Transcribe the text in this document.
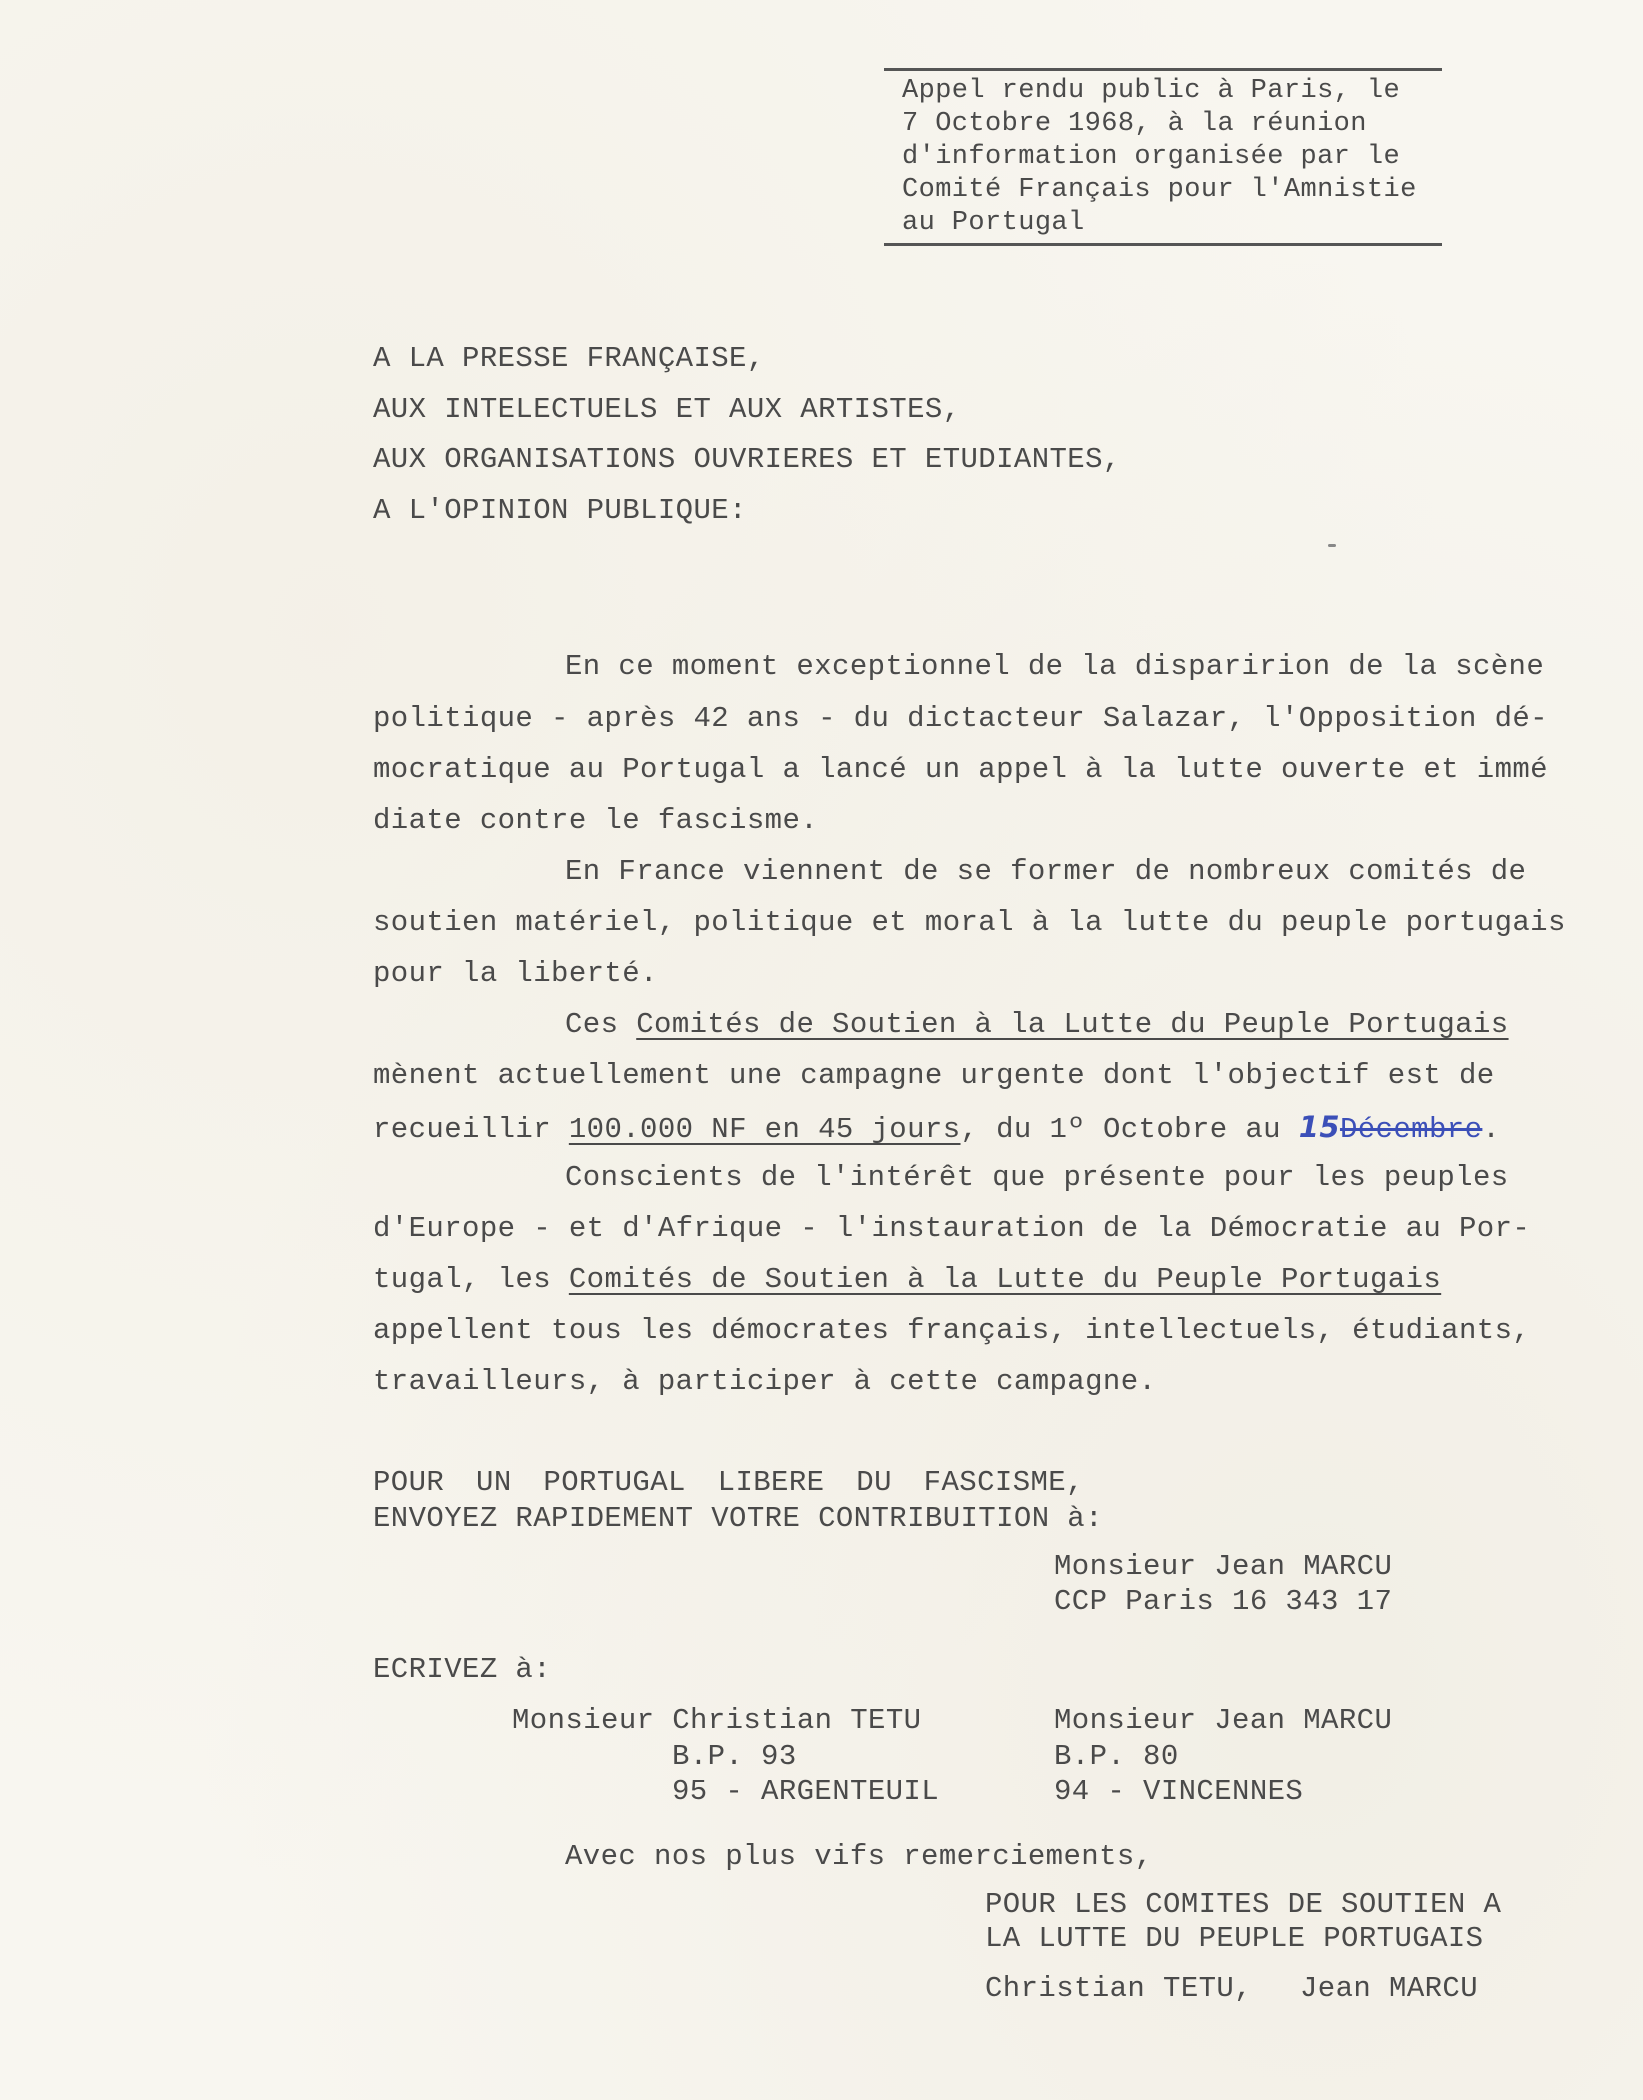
Appel rendu public à Paris, le
7 Octobre 1968, à la réunion
d'information organisée par le
Comité Français pour l'Amnistie
au Portugal
A LA PRESSE FRANÇAISE,
AUX INTELECTUELS ET AUX ARTISTES,
AUX ORGANISATIONS OUVRIERES ET ETUDIANTES,
A L'OPINION PUBLIQUE:
En ce moment exceptionnel de la disparirion de la scène
politique - après 42 ans - du dictacteur Salazar, l'Opposition dé-
mocratique au Portugal a lancé un appel à la lutte ouverte et immé
diate contre le fascisme.
En France viennent de se former de nombreux comités de
soutien matériel, politique et moral à la lutte du peuple portugais
pour la liberté.
Ces Comités de Soutien à la Lutte du Peuple Portugais
mènent actuellement une campagne urgente dont l'objectif est de
recueillir 100.000 NF en 45 jours, du 1º Octobre au 15Décembre.
Conscients de l'intérêt que présente pour les peuples
d'Europe - et d'Afrique - l'instauration de la Démocratie au Por-
tugal, les Comités de Soutien à la Lutte du Peuple Portugais
appellent tous les démocrates français, intellectuels, étudiants,
travailleurs, à participer à cette campagne.
POUR UN PORTUGAL LIBERE DU FASCISME,
ENVOYEZ RAPIDEMENT VOTRE CONTRIBUITION à:
Monsieur Jean MARCU
CCP Paris 16 343 17
ECRIVEZ à:
Monsieur Christian TETU
B.P. 93
95 - ARGENTEUIL
Monsieur Jean MARCU
B.P. 80
94 - VINCENNES
Avec nos plus vifs remerciements,
POUR LES COMITES DE SOUTIEN A
LA LUTTE DU PEUPLE PORTUGAIS
Christian TETU, Jean MARCU
